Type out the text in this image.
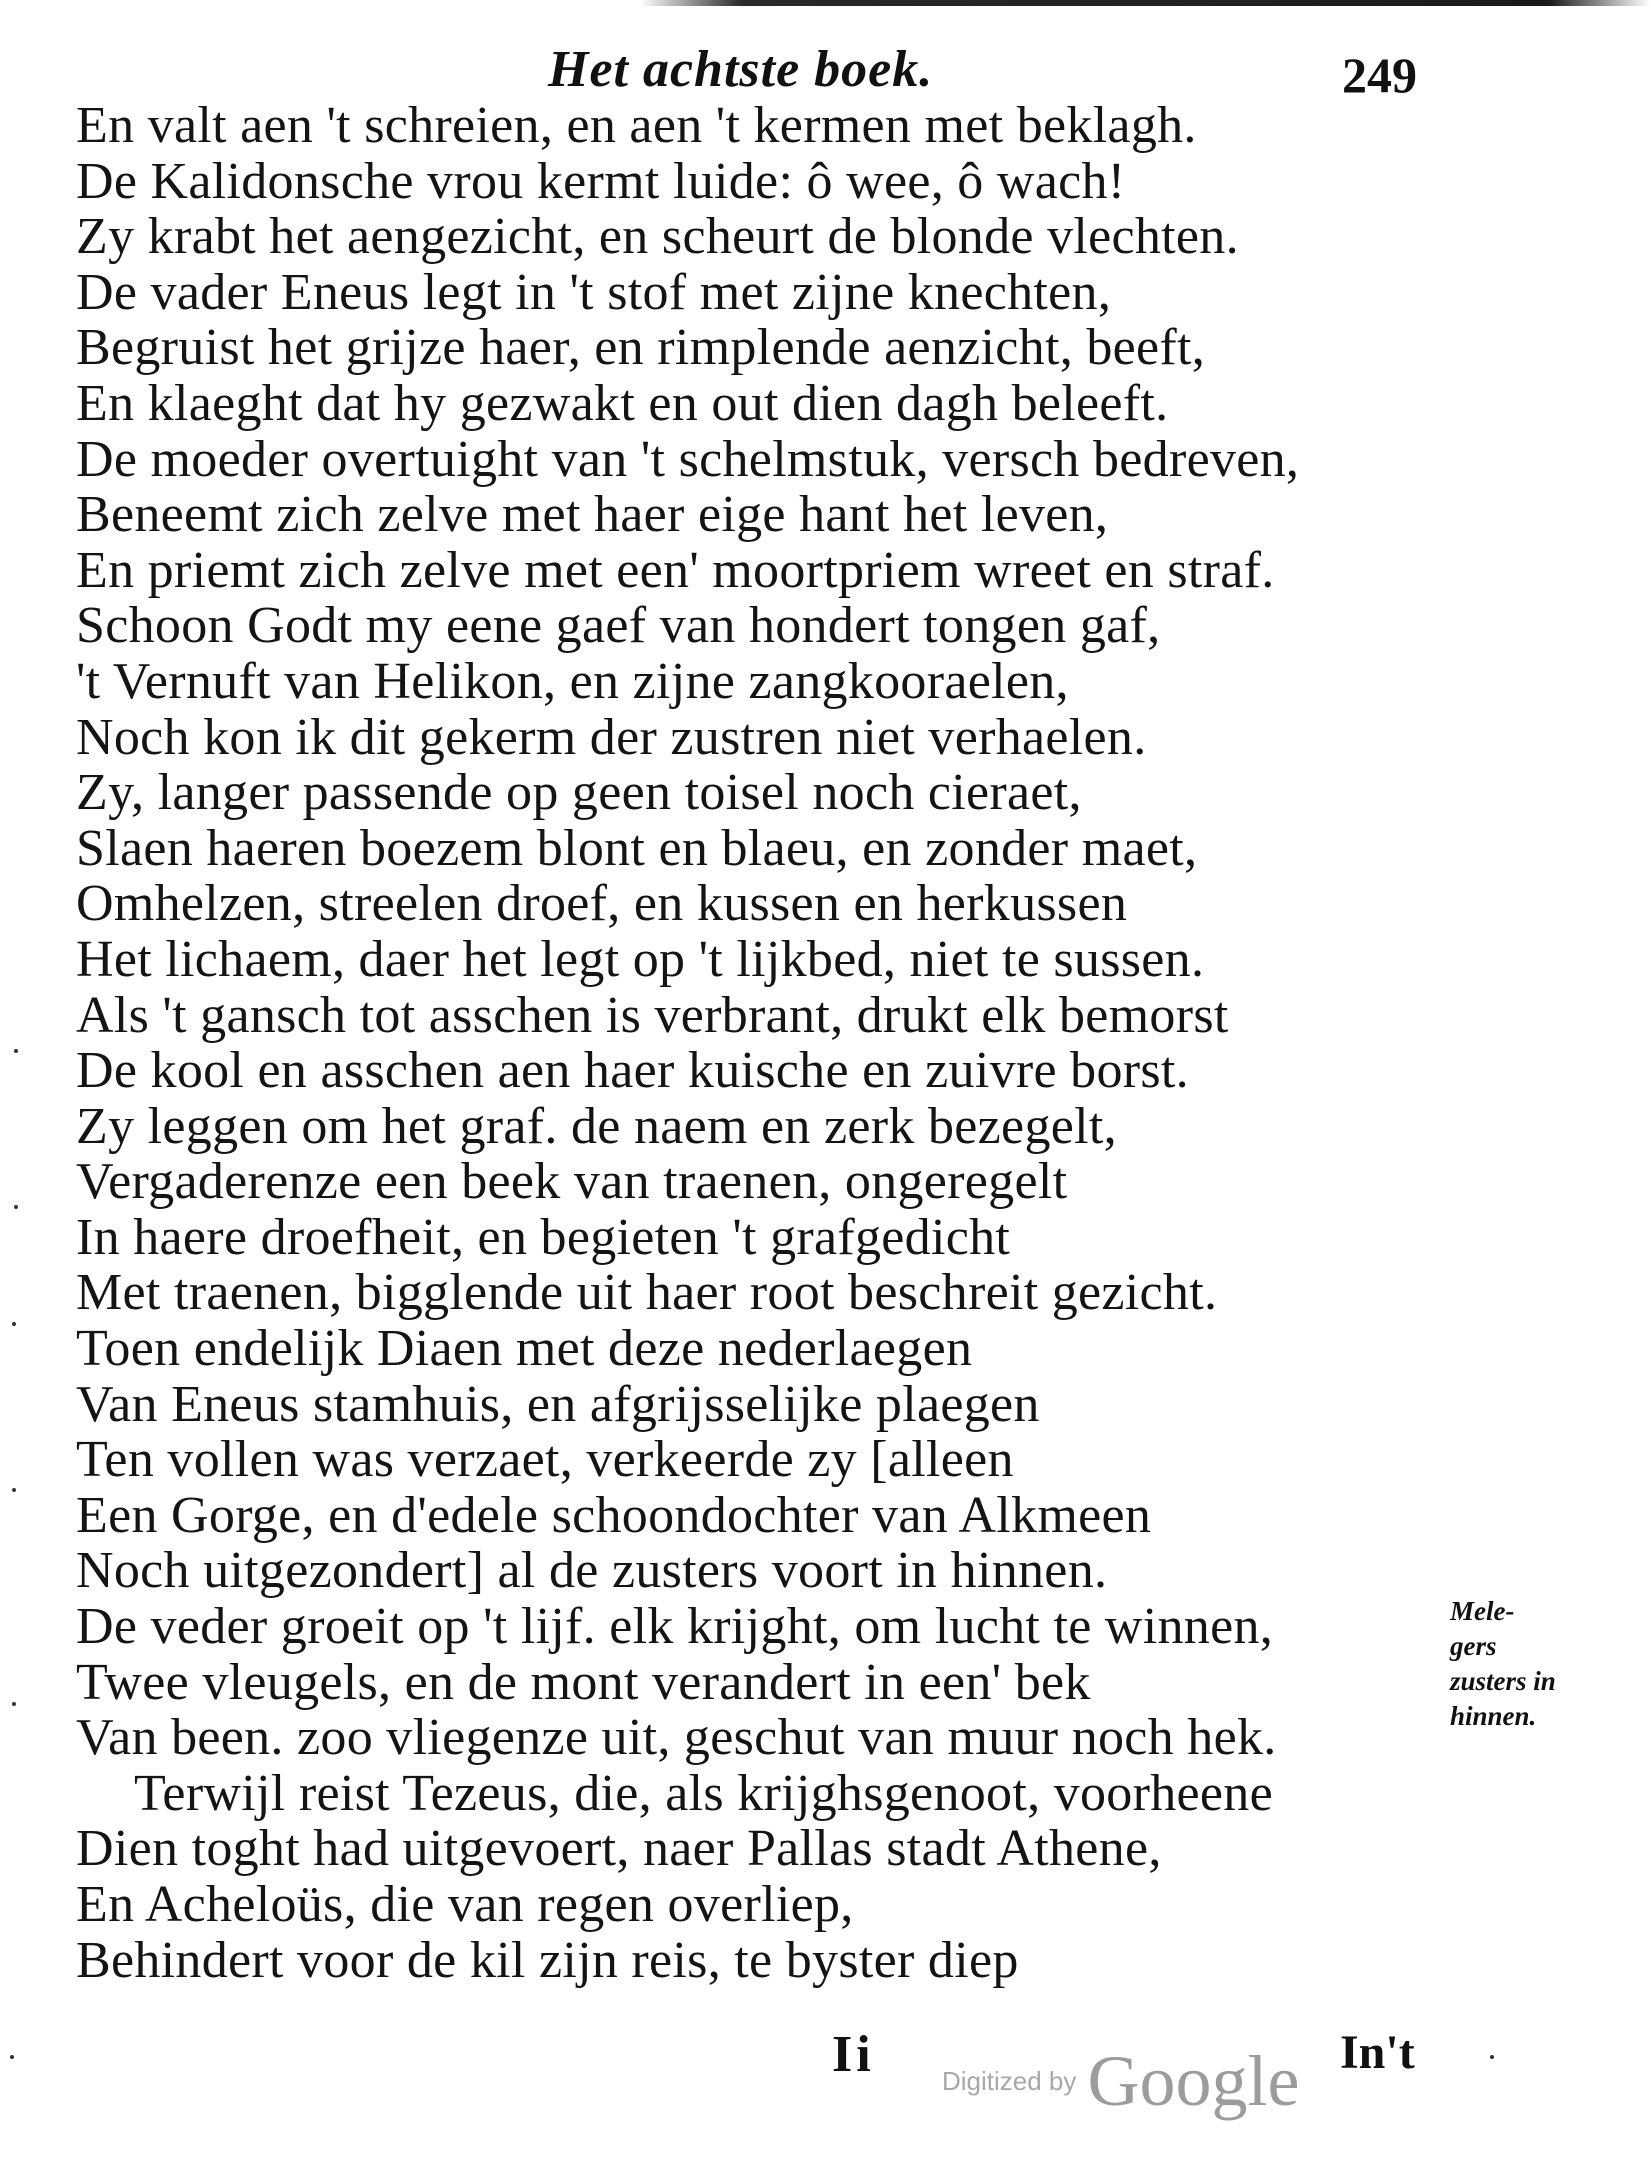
Het achtste boek.	249
En valt aen 't schreien, en aen 't kermen met beklagh.
De Kalidonsche vrou kermt luide: ô wee, ô wach!
Zy krabt het aengezicht, en scheurt de blonde vlechten.
De vader Eneus legt in 't stof met zijne knechten,
Begruist het grijze haer, en rimplende aenzicht, beeft,
En klaeght dat hy gezwakt en out dien dagh beleeft.
De moeder overtuight van 't schelmstuk, versch bedreven,
Beneemt zich zelve met haer eige hant het leven,
En priemt zich zelve met een' moortpriem wreet en straf.
Schoon Godt my eene gaef van hondert tongen gaf,
't Vernuft van Helikon, en zijne zangkooraelen,
Noch kon ik dit gekerm der zustren niet verhaelen.
Zy, langer passende op geen toisel noch cieraet,
Slaen haeren boezem blont en blaeu, en zonder maet,
Omhelzen, streelen droef, en kussen en herkussen
Het lichaem, daer het legt op 't lijkbed, niet te sussen.
Als 't gansch tot asschen is verbrant, drukt elk bemorst
De kool en asschen aen haer kuische en zuivre borst.
Zy leggen om het graf. de naem en zerk bezegelt,
Vergaderenze een beek van traenen, ongeregelt
In haere droefheit, en begieten 't grafgedicht
Met traenen, bigglende uit haer root beschreit gezicht.
Toen endelijk Diaen met deze nederlaegen
Van Eneus stamhuis, en afgrijsselijke plaegen
Ten vollen was verzaet, verkeerde zy [alleen
Een Gorge, en d'edele schoondochter van Alkmeen
Noch uitgezondert] al de zusters voort in hinnen.
De veder groeit op 't lijf. elk krijght, om lucht te winnen,
Twee vleugels, en de mont verandert in een' bek
Van been. zoo vliegenze uit, geschut van muur noch hek.
Terwijl reist Tezeus, die, als krijghsgenoot, voorheene
Dien toght had uitgevoert, naer Pallas stadt Athene,
En Acheloüs, die van regen overliep,
Behindert voor de kil zijn reis, te byster diep
Mele-
gers
zusters in
hinnen.
Ii	In't
Digitized by Google
